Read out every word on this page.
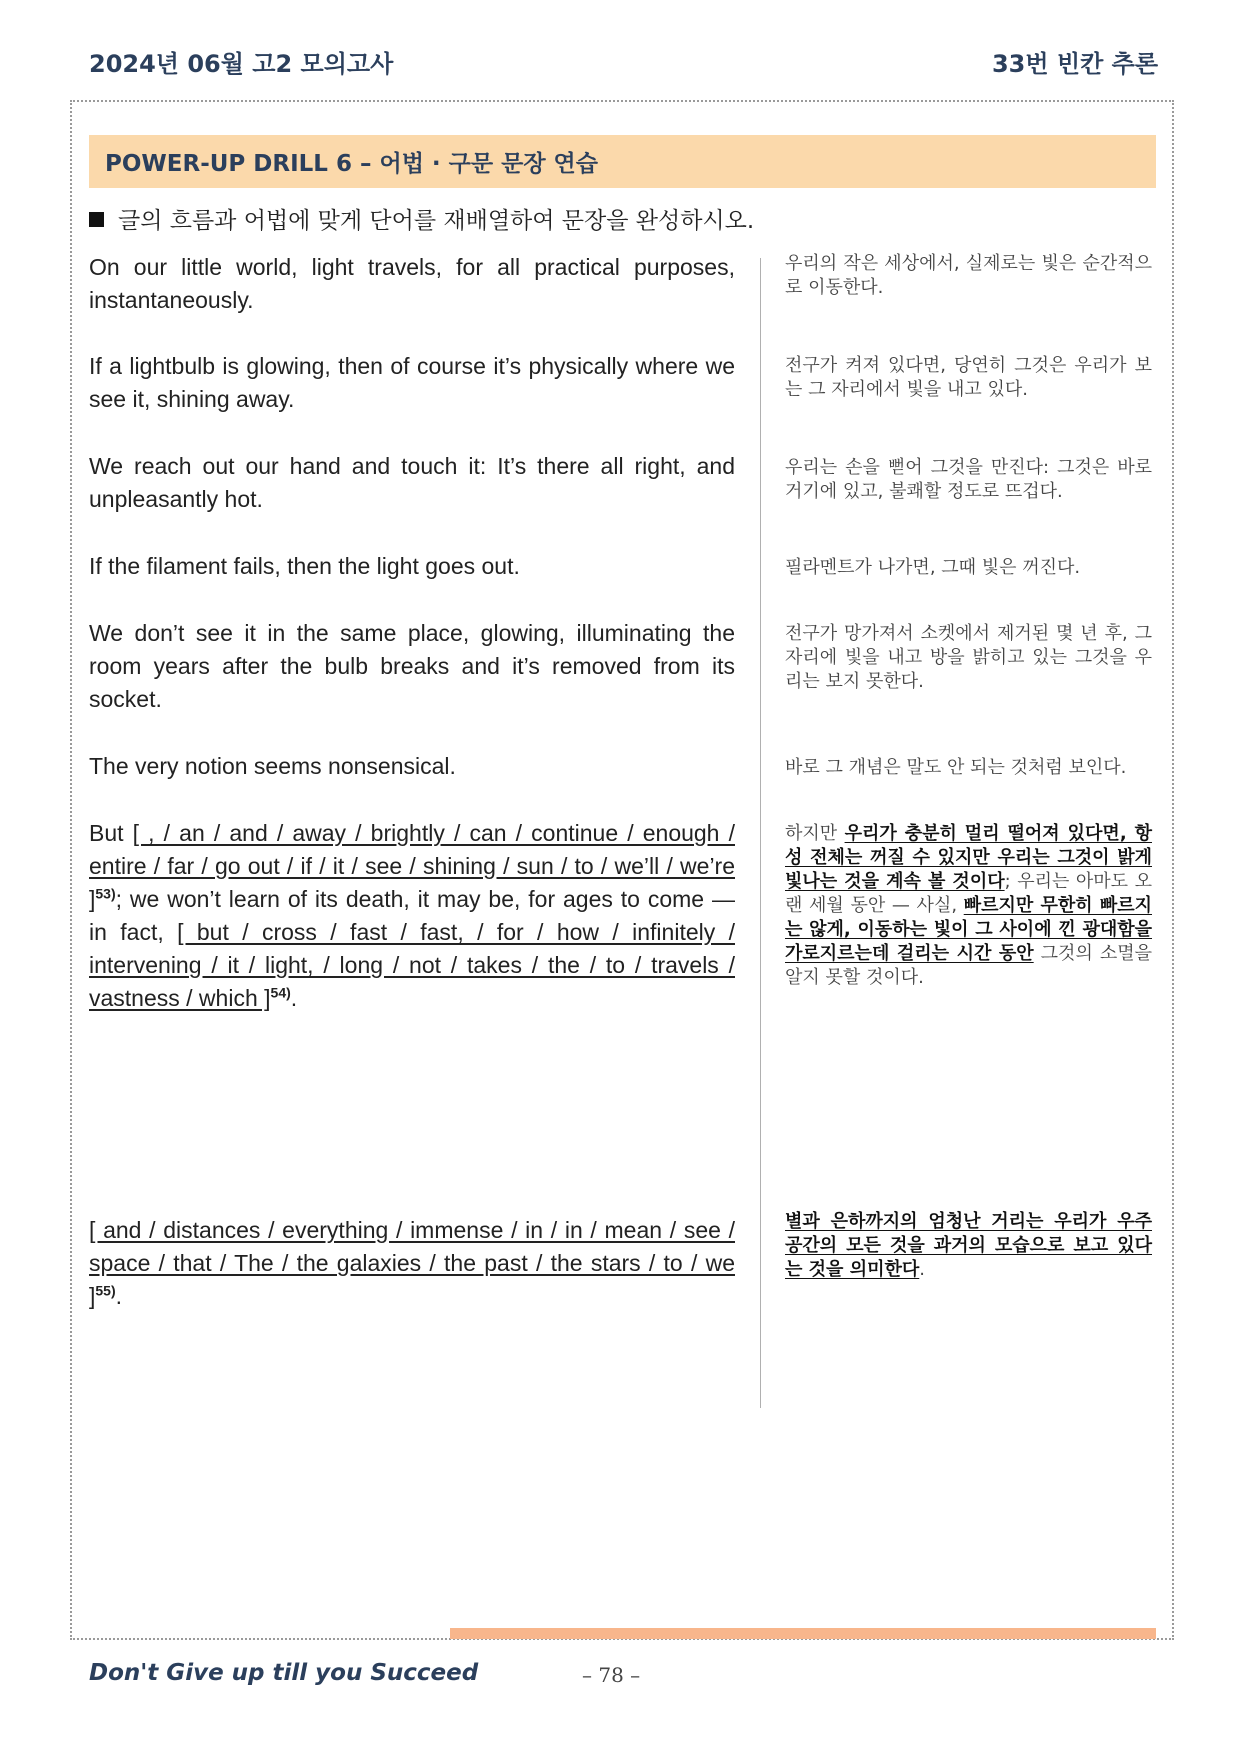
2024년 06월 고2 모의고사	33번 빈칸 추론
POWER-UP DRILL 6 – 어법 · 구문 문장 연습
글의 흐름과 어법에 맞게 단어를 재배열하여 문장을 완성하시오.
On our little world, light travels, for all practical purposes, instantaneously.
우리의 작은 세상에서, 실제로는 빛은 순간적으로 이동한다.
If a lightbulb is glowing, then of course it’s physically where we see it, shining away.
전구가 켜져 있다면, 당연히 그것은 우리가 보는 그 자리에서 빛을 내고 있다.
We reach out our hand and touch it: It’s there all right, and unpleasantly hot.
우리는 손을 뻗어 그것을 만진다: 그것은 바로 거기에 있고, 불쾌할 정도로 뜨겁다.
If the filament fails, then the light goes out.	필라멘트가 나가면, 그때 빛은 꺼진다.
We don’t see it in the same place, glowing, illuminating the room years after the bulb breaks and it’s removed from its socket.
전구가 망가져서 소켓에서 제거된 몇 년 후, 그 자리에 빛을 내고 방을 밝히고 있는 그것을 우리는 보지 못한다.
The very notion seems nonsensical.	바로 그 개념은 말도 안 되는 것처럼 보인다.
But [ , / an / and / away / brightly / can / continue / enough / entire / far / go out / if / it / see / shining / sun / to / we’ll / we’re ]$^{53)}$; we won’t learn of its death, it may be, for ages to come — in fact, [ but / cross / fast / fast, / for / how / infinitely / intervening / it / light, / long / not / takes / the / to / travels / vastness / which ]$^{54)}$.
하지만 우리가 충분히 멀리 떨어져 있다면, 항성 전체는 꺼질 수 있지만 우리는 그것이 밝게 빛나는 것을 계속 볼 것이다; 우리는 아마도 오랜 세월 동안 — 사실, 빠르지만 무한히 빠르지는 않게, 이동하는 빛이 그 사이에 낀 광대함을 가로지르는데 걸리는 시간 동안 그것의 소멸을 알지 못할 것이다.
[ and / distances / everything / immense / in / in / mean / see / space / that / The / the galaxies / the past / the stars / to / we ]$^{55)}$.
별과 은하까지의 엄청난 거리는 우리가 우주 공간의 모든 것을 과거의 모습으로 보고 있다는 것을 의미한다.
Don't Give up till you Succeed	– 78 –
